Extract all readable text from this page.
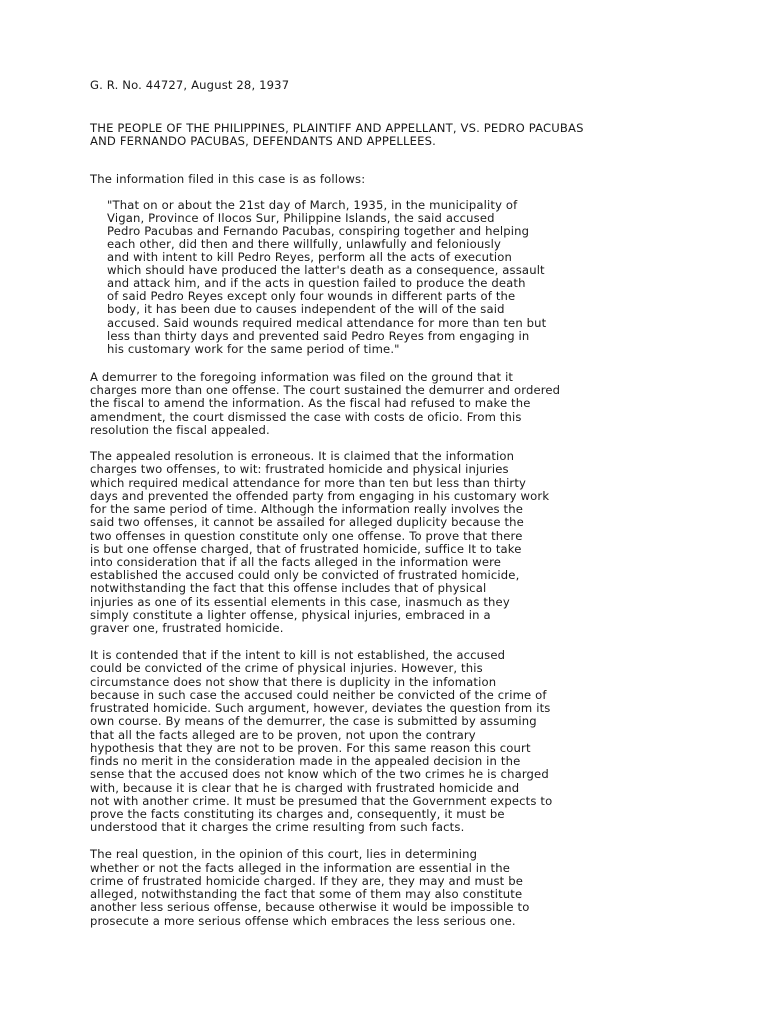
G. R. No. 44727, August 28, 1937
THE PEOPLE OF THE PHILIPPINES, PLAINTIFF AND APPELLANT, VS. PEDRO PACUBAS
AND FERNANDO PACUBAS, DEFENDANTS AND APPELLEES.
The information filed in this case is as follows:
"That on or about the 21st day of March, 1935, in the municipality of
Vigan, Province of Ilocos Sur, Philippine Islands, the said accused
Pedro Pacubas and Fernando Pacubas, conspiring together and helping
each other, did then and there willfully, unlawfully and feloniously
and with intent to kill Pedro Reyes, perform all the acts of execution
which should have produced the latter's death as a consequence, assault
and attack him, and if the acts in question failed to produce the death
of said Pedro Reyes except only four wounds in different parts of the
body, it has been due to causes independent of the will of the said
accused. Said wounds required medical attendance for more than ten but
less than thirty days and prevented said Pedro Reyes from engaging in
his customary work for the same period of time."
A demurrer to the foregoing information was filed on the ground that it
charges more than one offense. The court sustained the demurrer and ordered
the fiscal to amend the information. As the fiscal had refused to make the
amendment, the court dismissed the case with costs de oficio. From this
resolution the fiscal appealed.
The appealed resolution is erroneous. It is claimed that the information
charges two offenses, to wit: frustrated homicide and physical injuries
which required medical attendance for more than ten but less than thirty
days and prevented the offended party from engaging in his customary work
for the same period of time. Although the information really involves the
said two offenses, it cannot be assailed for alleged duplicity because the
two offenses in question constitute only one offense. To prove that there
is but one offense charged, that of frustrated homicide, suffice It to take
into consideration that if all the facts alleged in the information were
established the accused could only be convicted of frustrated homicide,
notwithstanding the fact that this offense includes that of physical
injuries as one of its essential elements in this case, inasmuch as they
simply constitute a lighter offense, physical injuries, embraced in a
graver one, frustrated homicide.
It is contended that if the intent to kill is not established, the accused
could be convicted of the crime of physical injuries. However, this
circumstance does not show that there is duplicity in the infomation
because in such case the accused could neither be convicted of the crime of
frustrated homicide. Such argument, however, deviates the question from its
own course. By means of the demurrer, the case is submitted by assuming
that all the facts alleged are to be proven, not upon the contrary
hypothesis that they are not to be proven. For this same reason this court
finds no merit in the consideration made in the appealed decision in the
sense that the accused does not know which of the two crimes he is charged
with, because it is clear that he is charged with frustrated homicide and
not with another crime. It must be presumed that the Government expects to
prove the facts constituting its charges and, consequently, it must be
understood that it charges the crime resulting from such facts.
The real question, in the opinion of this court, lies in determining
whether or not the facts alleged in the information are essential in the
crime of frustrated homicide charged. If they are, they may and must be
alleged, notwithstanding the fact that some of them may also constitute
another less serious offense, because otherwise it would be impossible to
prosecute a more serious offense which embraces the less serious one.
